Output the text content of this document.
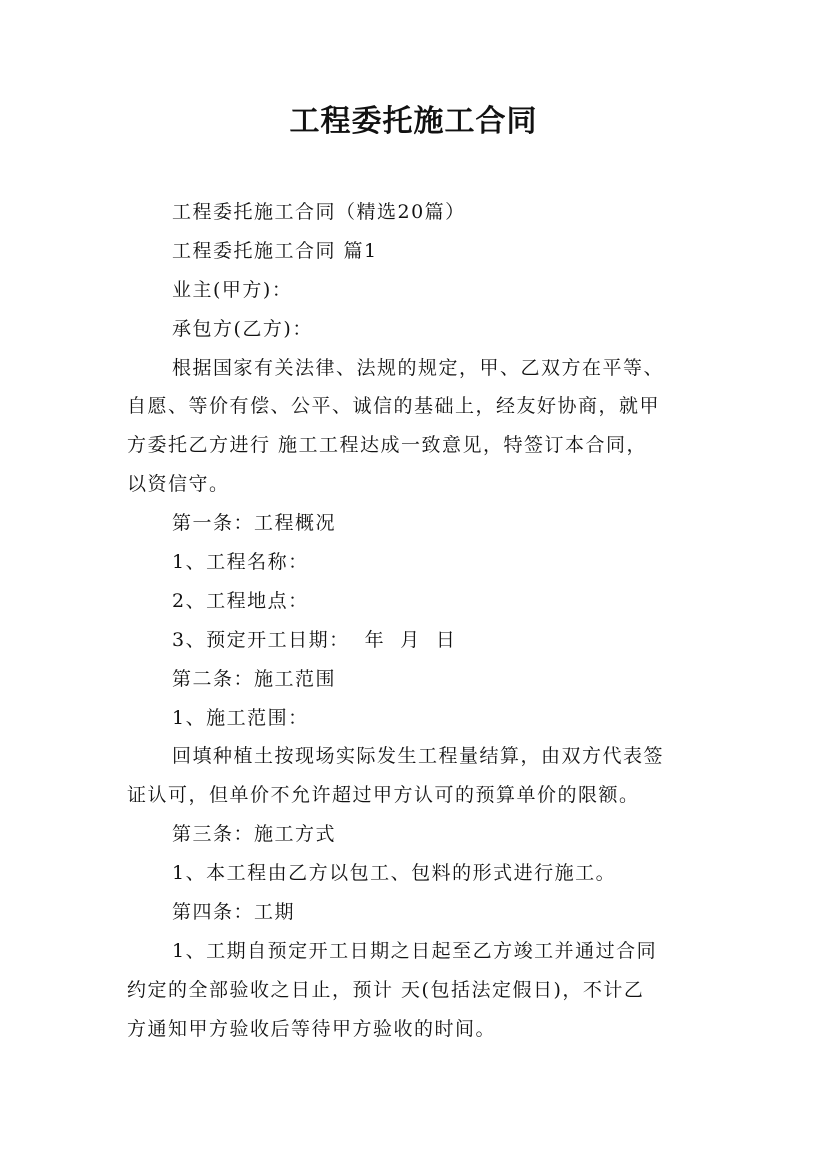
工程委托施工合同

工程委托施工合同（精选20篇）

工程委托施工合同 篇1

业主(甲方)：

承包方(乙方)：

根据国家有关法律、法规的规定，甲、乙双方在平等、

自愿、等价有偿、公平、诚信的基础上，经友好协商，就甲

方委托乙方进行 施工工程达成一致意见，特签订本合同，

以资信守。

第一条：工程概况

1、工程名称：

2、工程地点：

3、预定开工日期：  年  月  日

第二条：施工范围

1、施工范围：

回填种植土按现场实际发生工程量结算，由双方代表签

证认可，但单价不允许超过甲方认可的预算单价的限额。

第三条：施工方式

1、本工程由乙方以包工、包料的形式进行施工。

第四条：工期

1、工期自预定开工日期之日起至乙方竣工并通过合同

约定的全部验收之日止，预计 天(包括法定假日)，不计乙

方通知甲方验收后等待甲方验收的时间。
